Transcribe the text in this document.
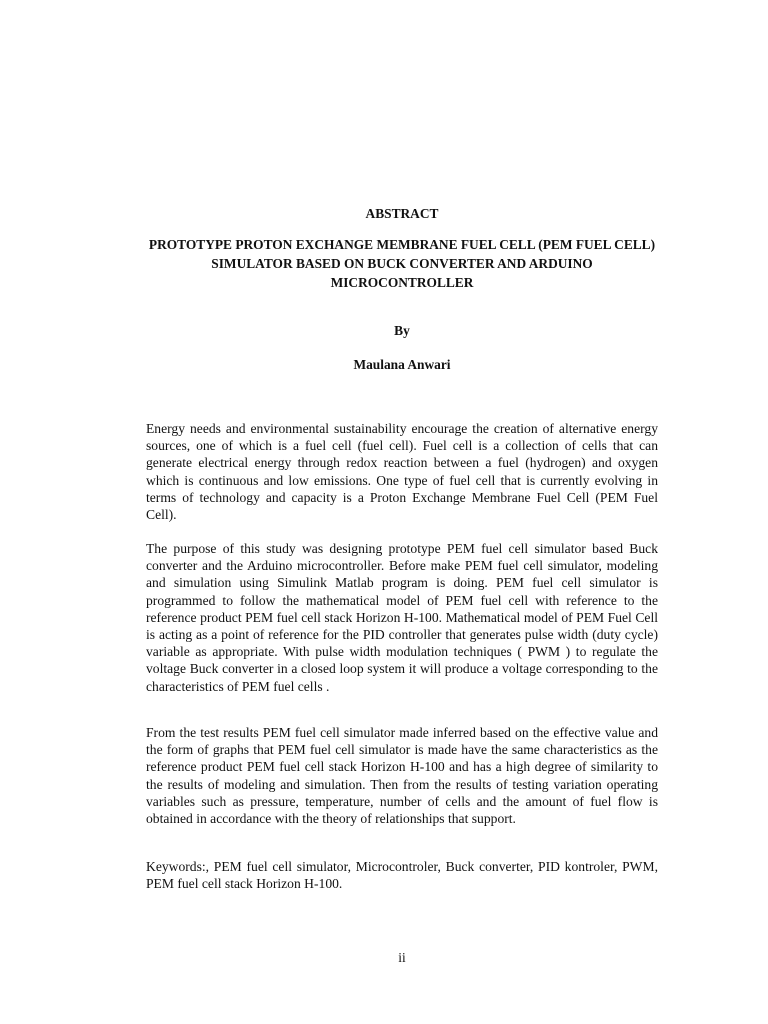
ABSTRACT

PROTOTYPE PROTON EXCHANGE MEMBRANE FUEL CELL (PEM FUEL CELL) SIMULATOR BASED ON BUCK CONVERTER AND ARDUINO MICROCONTROLLER

By

Maulana Anwari

Energy needs and environmental sustainability encourage the creation of alternative energy sources, one of which is a fuel cell (fuel cell). Fuel cell is a collection of cells that can generate electrical energy through redox reaction between a fuel (hydrogen) and oxygen which is continuous and low emissions. One type of fuel cell that is currently evolving in terms of technology and capacity is a Proton Exchange Membrane Fuel Cell (PEM Fuel Cell).

The purpose of this study was designing prototype PEM fuel cell simulator based Buck converter and the Arduino microcontroller. Before make PEM fuel cell simulator, modeling and simulation using Simulink Matlab program is doing. PEM fuel cell simulator is programmed to follow the mathematical model of PEM fuel cell with reference to the reference product PEM fuel cell stack Horizon H-100. Mathematical model of PEM Fuel Cell is acting as a point of reference for the PID controller that generates pulse width (duty cycle) variable as appropriate. With pulse width modulation techniques ( PWM ) to regulate the voltage Buck converter in a closed loop system it will produce a voltage corresponding to the characteristics of PEM fuel cells .

From the test results PEM fuel cell simulator made inferred based on the effective value and the form of graphs that PEM fuel cell simulator is made have the same characteristics as the reference product PEM fuel cell stack Horizon H-100 and has a high degree of similarity to the results of modeling and simulation. Then from the results of testing variation operating variables such as pressure, temperature, number of cells and the amount of fuel flow is obtained in accordance with the theory of relationships that support.

Keywords:, PEM fuel cell simulator, Microcontroler, Buck converter, PID kontroler, PWM, PEM fuel cell stack Horizon H-100.

ii
